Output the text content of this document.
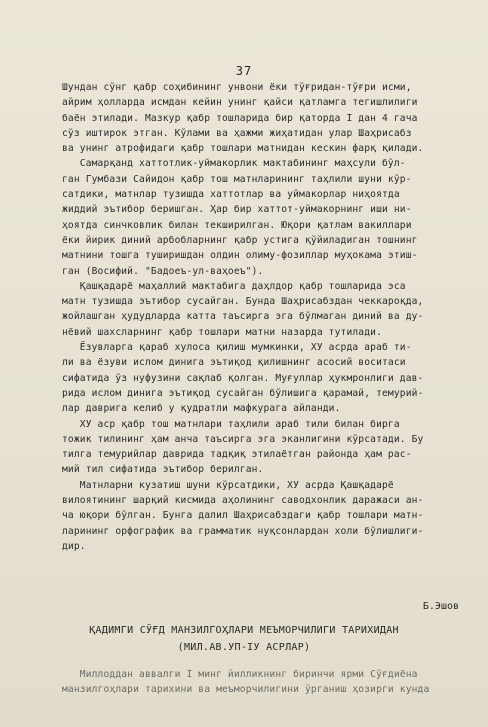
37
Шундан сўнг қабр соҳибининг унвони ёки тўғридан-тўғри исми,
айрим ҳолларда исмдан кейин унинг қайси қатламга тегишлилиги
баён этилади. Мазкур қабр тошларида бир қаторда I дан 4 гача
сўз иштирок этган. Кўлами ва ҳажми жиҳатидан улар Шаҳрисабз
ва унинг атрофидаги қабр тошлари матнидан кескин фарқ қилади.
Самарқанд хаттотлик-уймакорлик мактабининг маҳсули бўл-
ган Гумбази Сайидон қабр тош матнларининг таҳлили шуни кўр-
сатдики, матнлар тузишда хаттотлар ва уймакорлар ниҳоятда
жиддий эътибор беришган. Ҳар бир хаттот-уймакорнинг иши ни-
ҳоятда синчковлик билан текширилган. Юқори қатлам вакиллари
ёки йирик диний арбобларнинг қабр устига қўйиладиган тошнинг
матнини тошга туширишдан олдин олиму-фозиллар муҳокама этиш-
ган (Восифий. "Бадоеъ-ул-ваҳоеъ").
Қашқадарё маҳаллий мактабига даҳлдор қабр тошларида эса
матн тузишда эътибор сусайган. Бунда Шаҳрисабздан чеккароқда,
жойлашган ҳудудларда катта таъсирга эга бўлмаган диний ва ду-
нёвий шахсларнинг қабр тошлари матни назарда тутилади.
Ёзувларга қараб хулоса қилиш мумкинки, ХУ асрда араб ти-
ли ва ёзуви ислом динига эътиқод қилишнинг асосий воситаси
сифатида ўз нуфузини сақлаб қолган. Муғуллар ҳукмронлиги дав-
рида ислом динига эътиқод сусайган бўлишига қарамай, темурий-
лар даврига келиб у қудратли мафкурага айланди.
ХУ аср қабр тош матнлари таҳлили араб тили билан бирга
тожик тилининг ҳам анча таъсирга эга эканлигини кўрсатади. Бу
тилга темурийлар даврида тадқиқ этилаётган районда ҳам рас-
мий тил сифатида эътибор берилган.
Матнларни кузатиш шуни кўрсатдики, ХУ асрда Қашқадарё
вилоятининг шарқий кисмида аҳолининг саводхонлик даражаси ан-
ча юқори бўлган. Бунга далил Шаҳрисабздаги қабр тошлари матн-
ларининг орфографик ва грамматик нуқсонлардан холи бўлишлиги-
дир.
Б.Эшов
ҚАДИМГИ СЎҒД МАНЗИЛГОҲЛАРИ МЕЪМОРЧИЛИГИ ТАРИХИДАН
(МИЛ.АВ.УП-IУ АСРЛАР)
Миллоддан аввалги I минг йилликнинг биринчи ярми Сўғдиёна
манзилгоҳлари тарихини ва меъморчилигини ўрганиш ҳозирги кунда
